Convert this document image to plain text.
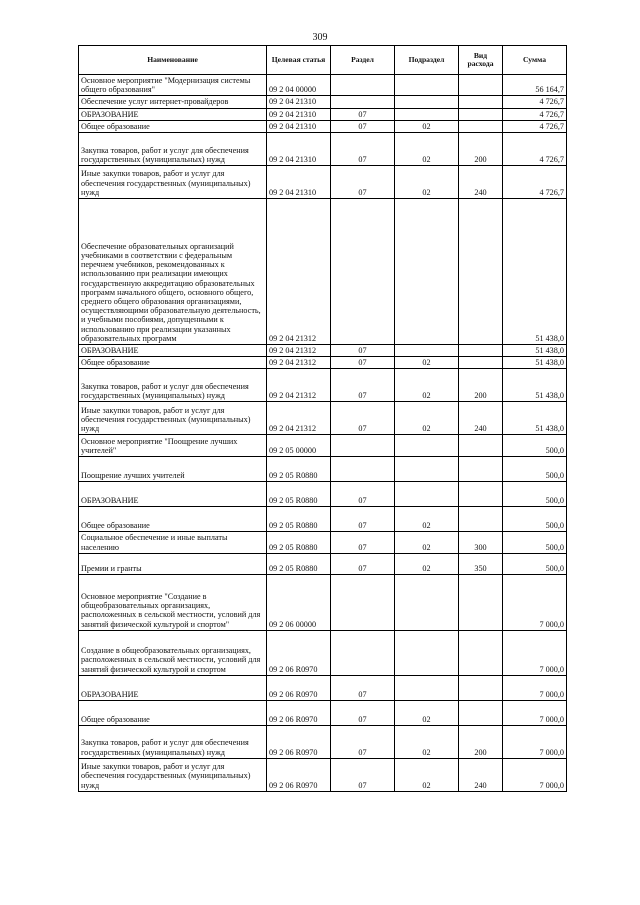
309
Наименование	Целевая статья	Раздел	Подраздел	Вид расхода	Сумма
Основное мероприятие "Модернизация системы общего образования"	09 2 04 00000				56 164,7
Обеспечение услуг интернет-провайдеров	09 2 04 21310				4 726,7
ОБРАЗОВАНИЕ	09 2 04 21310	07			4 726,7
Общее образование	09 2 04 21310	07	02		4 726,7
Закупка товаров, работ и услуг для обеспечения государственных (муниципальных) нужд	09 2 04 21310	07	02	200	4 726,7
Иные закупки товаров, работ и услуг для обеспечения государственных (муниципальных) нужд	09 2 04 21310	07	02	240	4 726,7
Обеспечение образовательных организаций учебниками в соответствии с федеральным перечнем учебников, рекомендованных к использованию при реализации имеющих государственную аккредитацию образовательных программ начального общего, основного общего, среднего общего образования организациями, осуществляющими образовательную деятельность, и учебными пособиями, допущенными к использованию при реализации указанных образовательных программ	09 2 04 21312				51 438,0
ОБРАЗОВАНИЕ	09 2 04 21312	07			51 438,0
Общее образование	09 2 04 21312	07	02		51 438,0
Закупка товаров, работ и услуг для обеспечения государственных (муниципальных) нужд	09 2 04 21312	07	02	200	51 438,0
Иные закупки товаров, работ и услуг для обеспечения государственных (муниципальных) нужд	09 2 04 21312	07	02	240	51 438,0
Основное мероприятие "Поощрение лучших учителей"	09 2 05 00000				500,0
Поощрение лучших учителей	09 2 05 R0880				500,0
ОБРАЗОВАНИЕ	09 2 05 R0880	07			500,0
Общее образование	09 2 05 R0880	07	02		500,0
Социальное обеспечение и иные выплаты населению	09 2 05 R0880	07	02	300	500,0
Премии и гранты	09 2 05 R0880	07	02	350	500,0
Основное мероприятие "Создание в общеобразовательных организациях, расположенных в сельской местности, условий для занятий физической культурой и спортом"	09 2 06 00000				7 000,0
Создание в общеобразовательных организациях, расположенных в сельской местности, условий для занятий физической культурой и спортом	09 2 06 R0970				7 000,0
ОБРАЗОВАНИЕ	09 2 06 R0970	07			7 000,0
Общее образование	09 2 06 R0970	07	02		7 000,0
Закупка товаров, работ и услуг для обеспечения государственных (муниципальных) нужд	09 2 06 R0970	07	02	200	7 000,0
Иные закупки товаров, работ и услуг для обеспечения государственных (муниципальных) нужд	09 2 06 R0970	07	02	240	7 000,0
